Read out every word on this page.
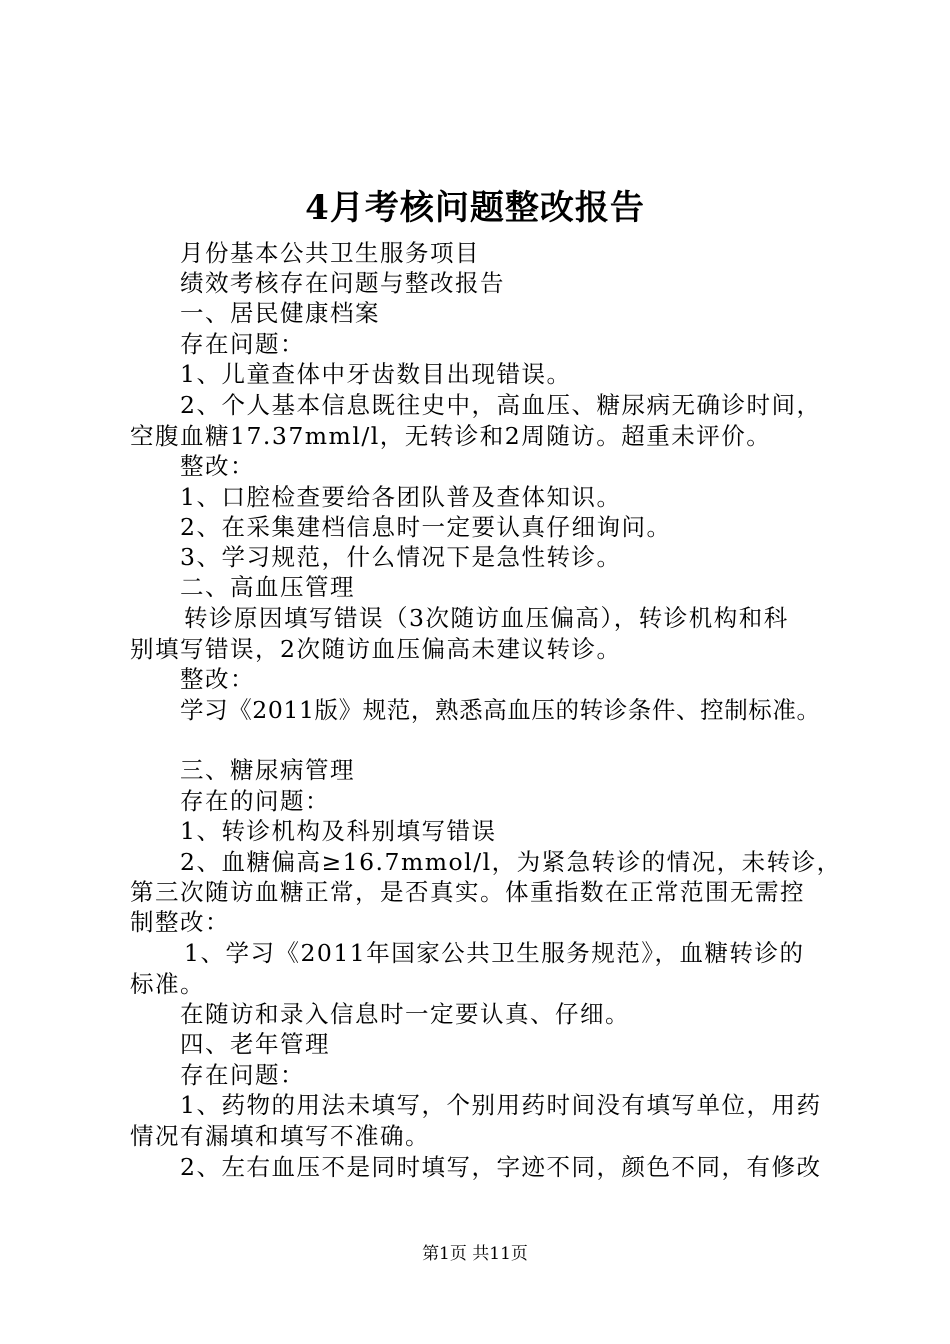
4月考核问题整改报告
月份基本公共卫生服务项目
绩效考核存在问题与整改报告
一、居民健康档案
存在问题：
1、儿童查体中牙齿数目出现错误。
2、个人基本信息既往史中，高血压、糖尿病无确诊时间，
空腹血糖17.37mml/l，无转诊和2周随访。超重未评价。
整改：
1、口腔检查要给各团队普及查体知识。
2、在采集建档信息时一定要认真仔细询问。
3、学习规范，什么情况下是急性转诊。
二、高血压管理
转诊原因填写错误（3次随访血压偏高），转诊机构和科
别填写错误，2次随访血压偏高未建议转诊。
整改：
学习《2011版》规范，熟悉高血压的转诊条件、控制标准。
三、糖尿病管理
存在的问题：
1、转诊机构及科别填写错误
2、血糖偏高≥16.7mmol/l，为紧急转诊的情况，未转诊，
第三次随访血糖正常，是否真实。体重指数在正常范围无需控
制整改：
1、学习《2011年国家公共卫生服务规范》，血糖转诊的
标准。
在随访和录入信息时一定要认真、仔细。
四、老年管理
存在问题：
1、药物的用法未填写，个别用药时间没有填写单位，用药
情况有漏填和填写不准确。
2、左右血压不是同时填写，字迹不同，颜色不同，有修改
第1页 共11页
